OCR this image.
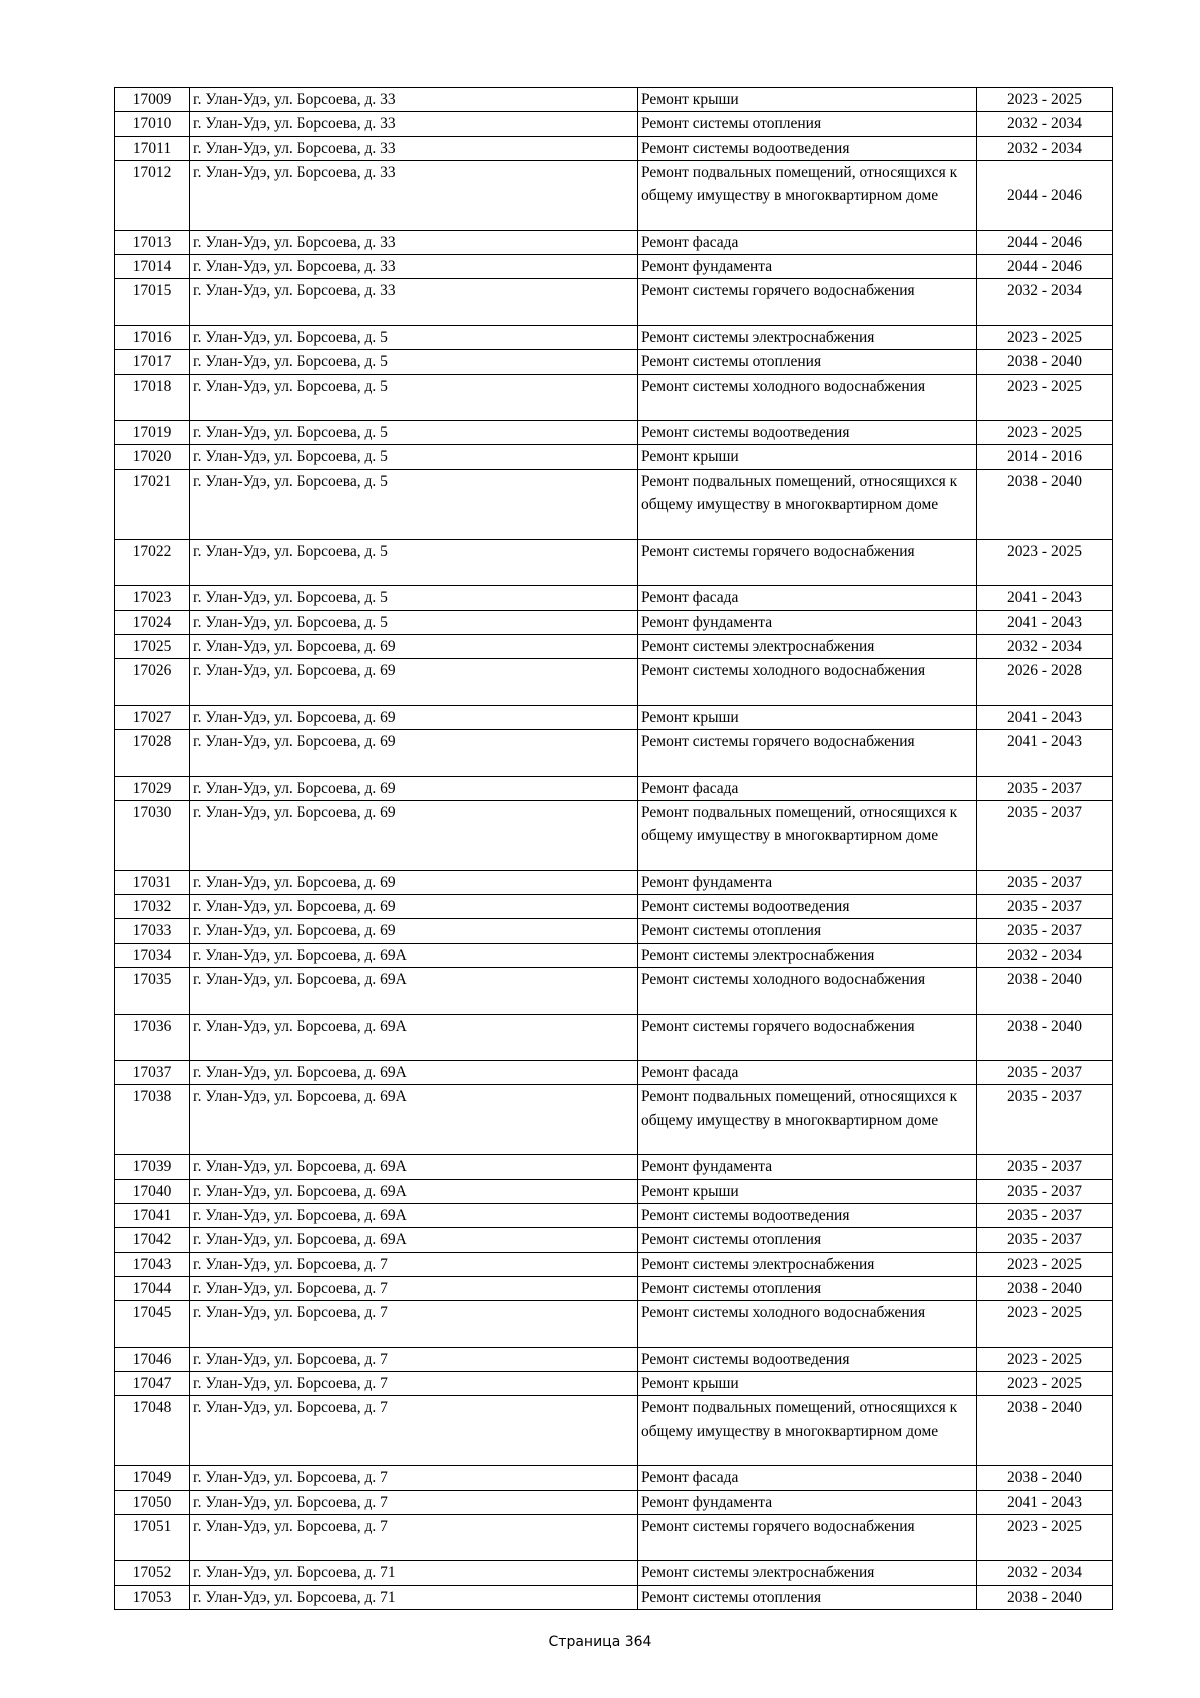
17009	г. Улан-Удэ, ул. Борсоева, д. 33	Ремонт крыши	2023 - 2025
17010	г. Улан-Удэ, ул. Борсоева, д. 33	Ремонт системы отопления	2032 - 2034
17011	г. Улан-Удэ, ул. Борсоева, д. 33	Ремонт системы водоотведения	2032 - 2034
17012	г. Улан-Удэ, ул. Борсоева, д. 33	Ремонт подвальных помещений, относящихся к общему имуществу в многоквартирном доме	2044 - 2046
17013	г. Улан-Удэ, ул. Борсоева, д. 33	Ремонт фасада	2044 - 2046
17014	г. Улан-Удэ, ул. Борсоева, д. 33	Ремонт фундамента	2044 - 2046
17015	г. Улан-Удэ, ул. Борсоева, д. 33	Ремонт системы горячего водоснабжения	2032 - 2034
17016	г. Улан-Удэ, ул. Борсоева, д. 5	Ремонт системы электроснабжения	2023 - 2025
17017	г. Улан-Удэ, ул. Борсоева, д. 5	Ремонт системы отопления	2038 - 2040
17018	г. Улан-Удэ, ул. Борсоева, д. 5	Ремонт системы холодного водоснабжения	2023 - 2025
17019	г. Улан-Удэ, ул. Борсоева, д. 5	Ремонт системы водоотведения	2023 - 2025
17020	г. Улан-Удэ, ул. Борсоева, д. 5	Ремонт крыши	2014 - 2016
17021	г. Улан-Удэ, ул. Борсоева, д. 5	Ремонт подвальных помещений, относящихся к общему имуществу в многоквартирном доме	2038 - 2040
17022	г. Улан-Удэ, ул. Борсоева, д. 5	Ремонт системы горячего водоснабжения	2023 - 2025
17023	г. Улан-Удэ, ул. Борсоева, д. 5	Ремонт фасада	2041 - 2043
17024	г. Улан-Удэ, ул. Борсоева, д. 5	Ремонт фундамента	2041 - 2043
17025	г. Улан-Удэ, ул. Борсоева, д. 69	Ремонт системы электроснабжения	2032 - 2034
17026	г. Улан-Удэ, ул. Борсоева, д. 69	Ремонт системы холодного водоснабжения	2026 - 2028
17027	г. Улан-Удэ, ул. Борсоева, д. 69	Ремонт крыши	2041 - 2043
17028	г. Улан-Удэ, ул. Борсоева, д. 69	Ремонт системы горячего водоснабжения	2041 - 2043
17029	г. Улан-Удэ, ул. Борсоева, д. 69	Ремонт фасада	2035 - 2037
17030	г. Улан-Удэ, ул. Борсоева, д. 69	Ремонт подвальных помещений, относящихся к общему имуществу в многоквартирном доме	2035 - 2037
17031	г. Улан-Удэ, ул. Борсоева, д. 69	Ремонт фундамента	2035 - 2037
17032	г. Улан-Удэ, ул. Борсоева, д. 69	Ремонт системы водоотведения	2035 - 2037
17033	г. Улан-Удэ, ул. Борсоева, д. 69	Ремонт системы отопления	2035 - 2037
17034	г. Улан-Удэ, ул. Борсоева, д. 69А	Ремонт системы электроснабжения	2032 - 2034
17035	г. Улан-Удэ, ул. Борсоева, д. 69А	Ремонт системы холодного водоснабжения	2038 - 2040
17036	г. Улан-Удэ, ул. Борсоева, д. 69А	Ремонт системы горячего водоснабжения	2038 - 2040
17037	г. Улан-Удэ, ул. Борсоева, д. 69А	Ремонт фасада	2035 - 2037
17038	г. Улан-Удэ, ул. Борсоева, д. 69А	Ремонт подвальных помещений, относящихся к общему имуществу в многоквартирном доме	2035 - 2037
17039	г. Улан-Удэ, ул. Борсоева, д. 69А	Ремонт фундамента	2035 - 2037
17040	г. Улан-Удэ, ул. Борсоева, д. 69А	Ремонт крыши	2035 - 2037
17041	г. Улан-Удэ, ул. Борсоева, д. 69А	Ремонт системы водоотведения	2035 - 2037
17042	г. Улан-Удэ, ул. Борсоева, д. 69А	Ремонт системы отопления	2035 - 2037
17043	г. Улан-Удэ, ул. Борсоева, д. 7	Ремонт системы электроснабжения	2023 - 2025
17044	г. Улан-Удэ, ул. Борсоева, д. 7	Ремонт системы отопления	2038 - 2040
17045	г. Улан-Удэ, ул. Борсоева, д. 7	Ремонт системы холодного водоснабжения	2023 - 2025
17046	г. Улан-Удэ, ул. Борсоева, д. 7	Ремонт системы водоотведения	2023 - 2025
17047	г. Улан-Удэ, ул. Борсоева, д. 7	Ремонт крыши	2023 - 2025
17048	г. Улан-Удэ, ул. Борсоева, д. 7	Ремонт подвальных помещений, относящихся к общему имуществу в многоквартирном доме	2038 - 2040
17049	г. Улан-Удэ, ул. Борсоева, д. 7	Ремонт фасада	2038 - 2040
17050	г. Улан-Удэ, ул. Борсоева, д. 7	Ремонт фундамента	2041 - 2043
17051	г. Улан-Удэ, ул. Борсоева, д. 7	Ремонт системы горячего водоснабжения	2023 - 2025
17052	г. Улан-Удэ, ул. Борсоева, д. 71	Ремонт системы электроснабжения	2032 - 2034
17053	г. Улан-Удэ, ул. Борсоева, д. 71	Ремонт системы отопления	2038 - 2040
Страница 364
